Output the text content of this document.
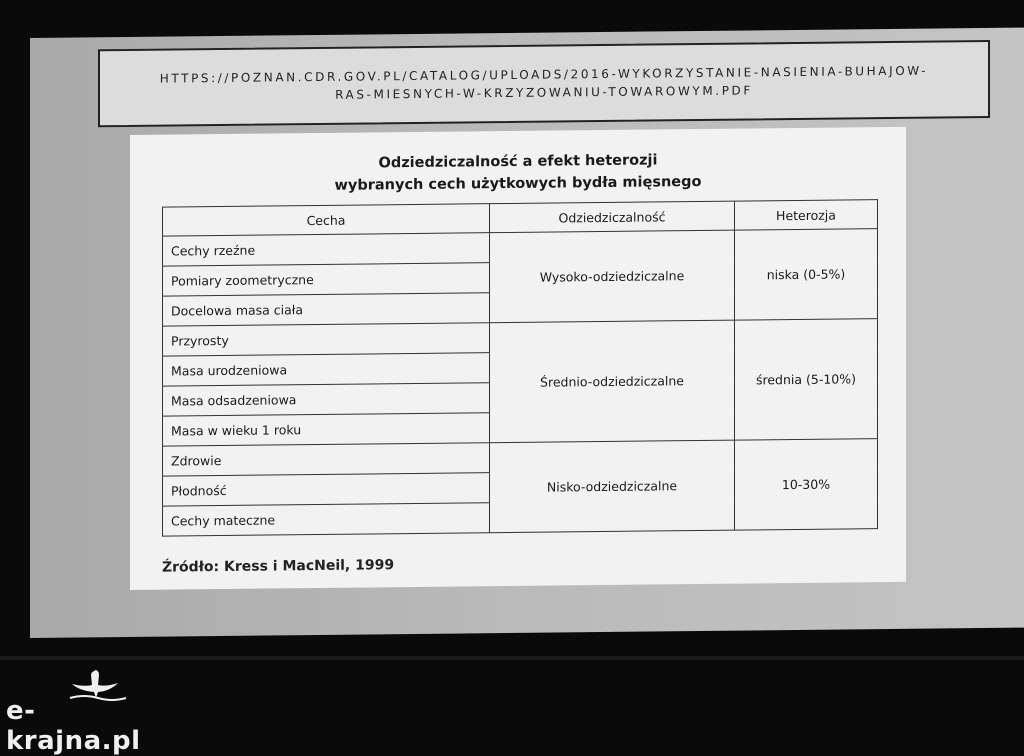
HTTPS://POZNAN.CDR.GOV.PL/CATALOG/UPLOADS/2016-WYKORZYSTANIE-NASIENIA-BUHAJOW-
RAS-MIESNYCH-W-KRZYZOWANIU-TOWAROWYM.PDF
Odziedziczalność a efekt heterozji
wybranych cech użytkowych bydła mięsnego
Cecha	Odziedziczalność	Heterozja
Cechy rzeźne	Wysoko-odziedziczalne	niska (0-5%)
Pomiary zoometryczne		
Docelowa masa ciała		
Przyrosty	Średnio-odziedziczalne	średnia (5-10%)
Masa urodzeniowa		
Masa odsadzeniowa		
Masa w wieku 1 roku		
Zdrowie	Nisko-odziedziczalne	10-30%
Płodność		
Cechy mateczne		
Źródło: Kress i MacNeil, 1999
e-krajna.pl
